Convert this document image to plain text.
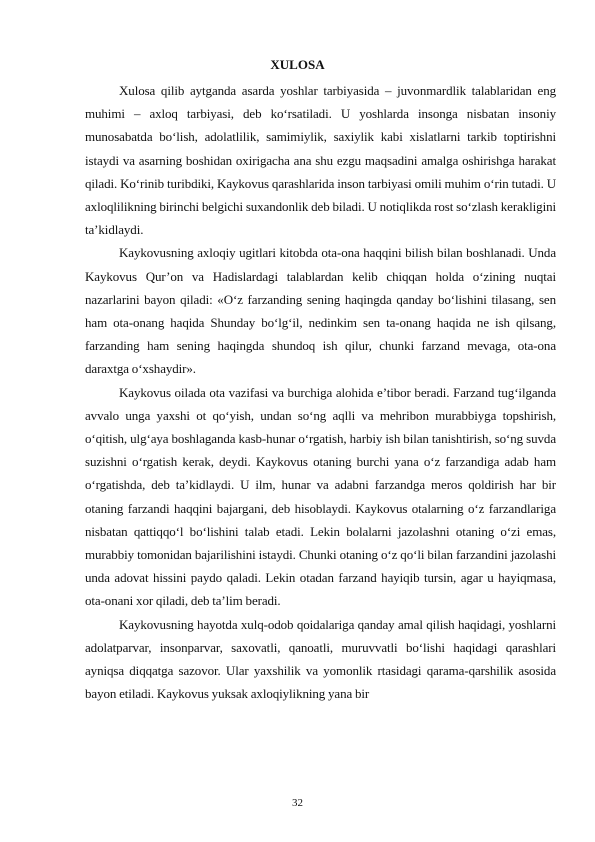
XULOSA

Xulosa qilib aytganda asarda yoshlar tarbiyasida – juvonmardlik talablaridan eng muhimi – axloq tarbiyasi, deb ko‘rsatiladi. U yoshlarda insonga nisbatan insoniy munosabatda bo‘lish, adolatlilik, samimiylik, saxiylik kabi xislatlarni tarkib toptirishni istaydi va asarning boshidan oxirigacha ana shu ezgu maqsadini amalga oshirishga harakat qiladi. Ko‘rinib turibdiki, Kaykovus qarashlarida inson tarbiyasi omili muhim o‘rin tutadi. U axloqlilikning birinchi belgichi suxandonlik deb biladi. U notiqlikda rost so‘zlash kerakligini ta’kidlaydi.

Kaykovusning axloqiy ugitlari kitobda ota-ona haqqini bilish bilan boshlanadi. Unda Kaykovus Qur’on va Hadislardagi talablardan kelib chiqqan holda o‘zining nuqtai nazarlarini bayon qiladi: «O‘z farzanding sening haqingda qanday bo‘lishini tilasang, sen ham ota-onang haqida Shunday bo‘lg‘il, nedinkim sen ta-onang haqida ne ish qilsang, farzanding ham sening haqingda shundoq ish qilur, chunki farzand mevaga, ota-ona daraxtga o‘xshaydir».

Kaykovus oilada ota vazifasi va burchiga alohida e’tibor beradi. Farzand tug‘ilganda avvalo unga yaxshi ot qo‘yish, undan so‘ng aqlli va mehribon murabbiyga topshirish, o‘qitish, ulg‘aya boshlaganda kasb-hunar o‘rgatish, harbiy ish bilan tanishtirish, so‘ng suvda suzishni o‘rgatish kerak, deydi. Kaykovus otaning burchi yana o‘z farzandiga adab ham o‘rgatishda, deb ta’kidlaydi. U ilm, hunar va adabni farzandga meros qoldirish har bir otaning farzandi haqqini bajargani, deb hisoblaydi. Kaykovus otalarning o‘z farzandlariga nisbatan qattiqqo‘l bo‘lishini talab etadi. Lekin bolalarni jazolashni otaning o‘zi emas, murabbiy tomonidan bajarilishini istaydi. Chunki otaning o‘z qo‘li bilan farzandini jazolashi unda adovat hissini paydo qaladi. Lekin otadan farzand hayiqib tursin, agar u hayiqmasa, ota-onani xor qiladi, deb ta’lim beradi.

Kaykovusning hayotda xulq-odob qoidalariga qanday amal qilish haqidagi, yoshlarni adolatparvar, insonparvar, saxovatli, qanoatli, muruvvatli bo‘lishi haqidagi qarashlari ayniqsa diqqatga sazovor. Ular yaxshilik va yomonlik rtasidagi qarama-qarshilik asosida bayon etiladi. Kaykovus yuksak axloqiylikning yana bir

32
